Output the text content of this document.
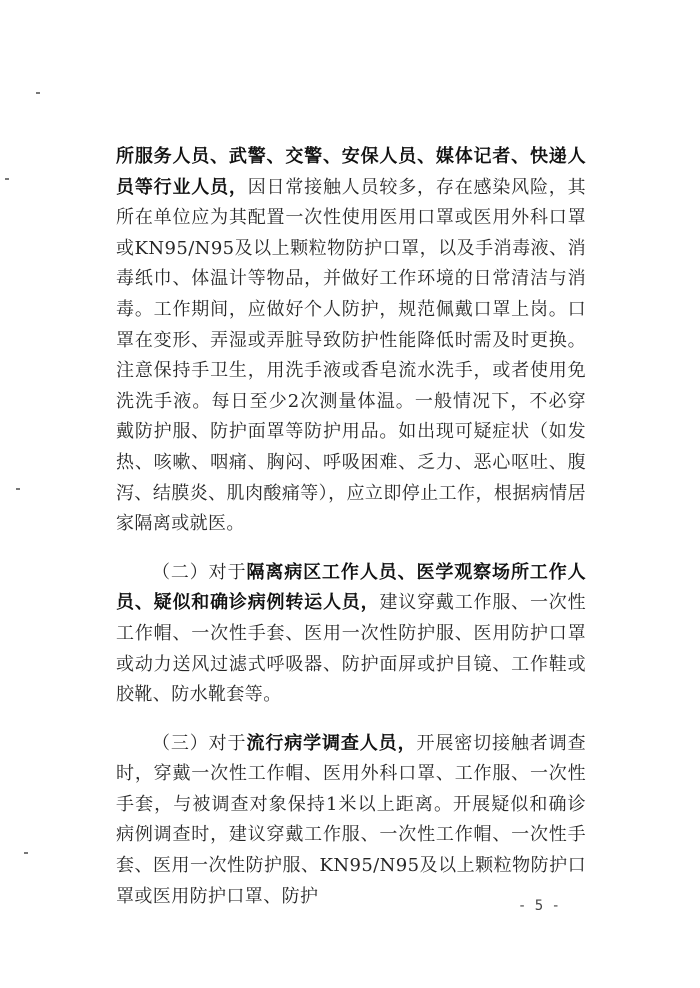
所服务人员、武警、交警、安保人员、媒体记者、快递人员等行业人员，因日常接触人员较多，存在感染风险，其所在单位应为其配置一次性使用医用口罩或医用外科口罩或KN95/N95及以上颗粒物防护口罩，以及手消毒液、消毒纸巾、体温计等物品，并做好工作环境的日常清洁与消毒。工作期间，应做好个人防护，规范佩戴口罩上岗。口罩在变形、弄湿或弄脏导致防护性能降低时需及时更换。注意保持手卫生，用洗手液或香皂流水洗手，或者使用免洗洗手液。每日至少2次测量体温。一般情况下，不必穿戴防护服、防护面罩等防护用品。如出现可疑症状（如发热、咳嗽、咽痛、胸闷、呼吸困难、乏力、恶心呕吐、腹泻、结膜炎、肌肉酸痛等），应立即停止工作，根据病情居家隔离或就医。

（二）对于隔离病区工作人员、医学观察场所工作人员、疑似和确诊病例转运人员，建议穿戴工作服、一次性工作帽、一次性手套、医用一次性防护服、医用防护口罩或动力送风过滤式呼吸器、防护面屏或护目镜、工作鞋或胶靴、防水靴套等。

（三）对于流行病学调查人员，开展密切接触者调查时，穿戴一次性工作帽、医用外科口罩、工作服、一次性手套，与被调查对象保持1米以上距离。开展疑似和确诊病例调查时，建议穿戴工作服、一次性工作帽、一次性手套、医用一次性防护服、KN95/N95及以上颗粒物防护口罩或医用防护口罩、防护	- 5 -
